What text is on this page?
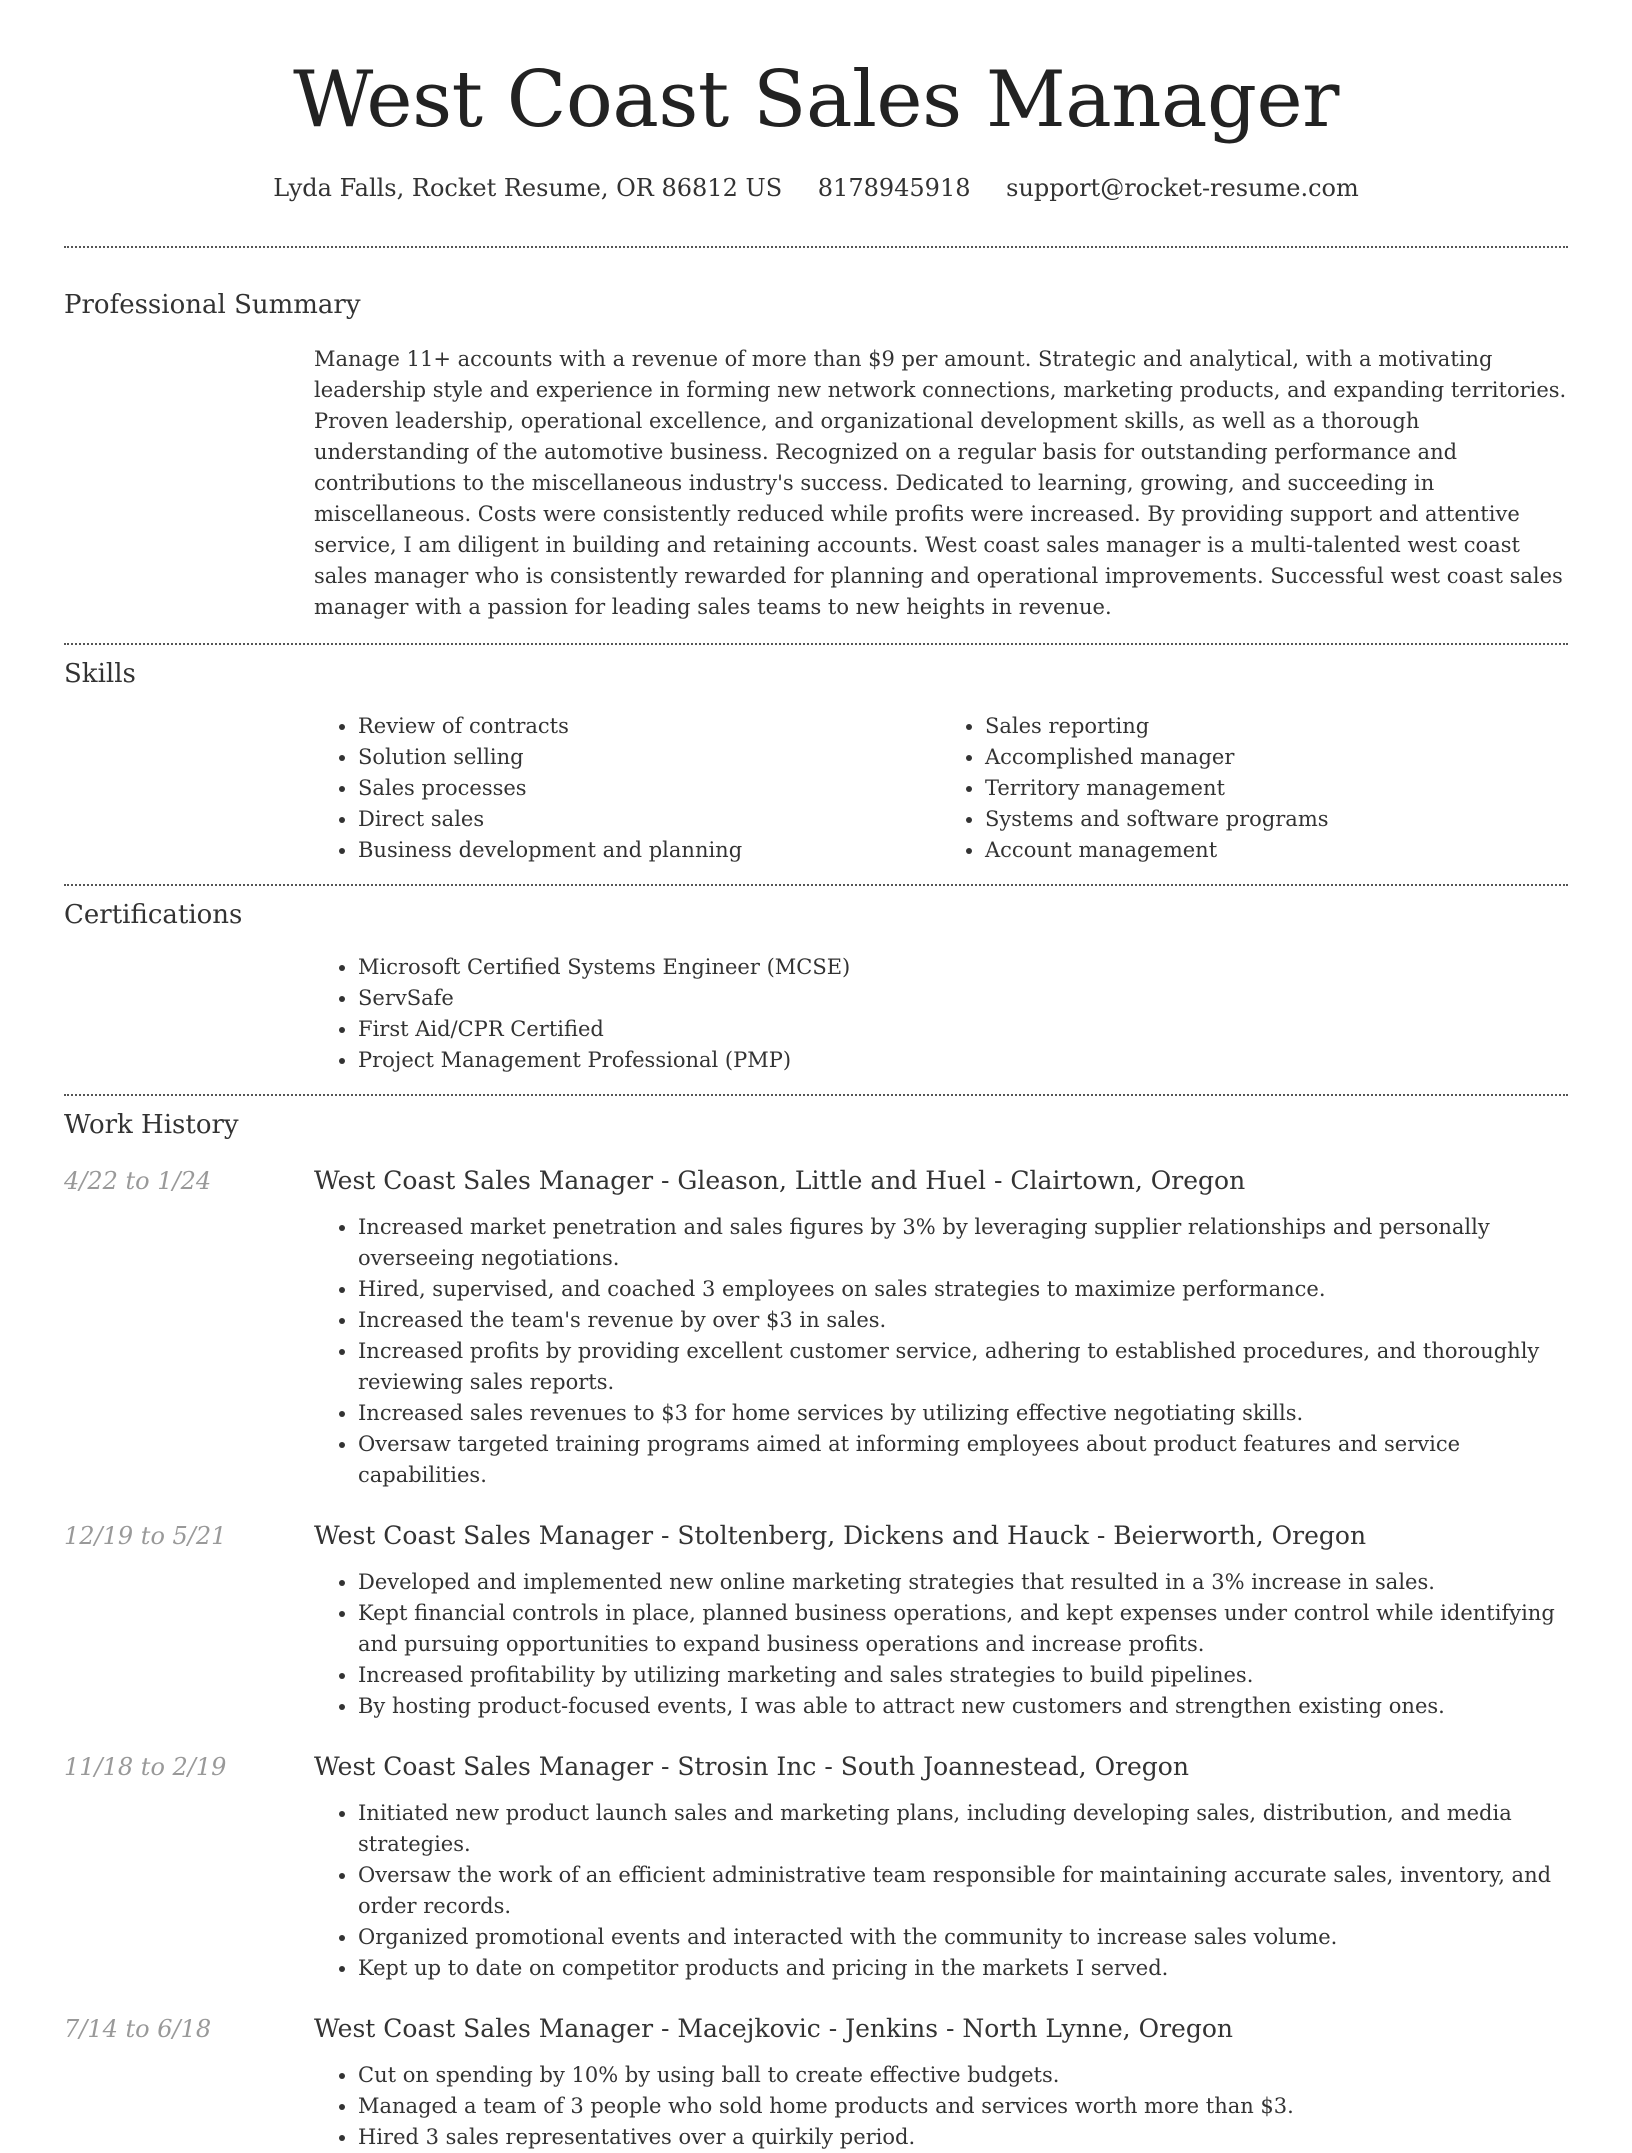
West Coast Sales Manager
Lyda Falls, Rocket Resume, OR 86812 US 8178945918 support@rocket-resume.com
Professional Summary

Manage 11+ accounts with a revenue of more than $9 per amount. Strategic and analytical, with a motivating leadership style and experience in forming new network connections, marketing products, and expanding territories. Proven leadership, operational excellence, and organizational development skills, as well as a thorough understanding of the automotive business. Recognized on a regular basis for outstanding performance and contributions to the miscellaneous industry's success. Dedicated to learning, growing, and succeeding in miscellaneous. Costs were consistently reduced while profits were increased. By providing support and attentive service, I am diligent in building and retaining accounts. West coast sales manager is a multi-talented west coast sales manager who is consistently rewarded for planning and operational improvements. Successful west coast sales manager with a passion for leading sales teams to new heights in revenue.

Skills
• Review of contracts
• Solution selling
• Sales processes
• Direct sales
• Business development and planning
• Sales reporting
• Accomplished manager
• Territory management
• Systems and software programs
• Account management
Certifications
• Microsoft Certified Systems Engineer (MCSE)
• ServSafe
• First Aid/CPR Certified
• Project Management Professional (PMP)
Work History
4/22 to 1/24	West Coast Sales Manager - Gleason, Little and Huel - Clairtown, Oregon
• Increased market penetration and sales figures by 3% by leveraging supplier relationships and personally overseeing negotiations.
• Hired, supervised, and coached 3 employees on sales strategies to maximize performance.
• Increased the team's revenue by over $3 in sales.
• Increased profits by providing excellent customer service, adhering to established procedures, and thoroughly reviewing sales reports.
• Increased sales revenues to $3 for home services by utilizing effective negotiating skills.
• Oversaw targeted training programs aimed at informing employees about product features and service capabilities.
12/19 to 5/21	West Coast Sales Manager - Stoltenberg, Dickens and Hauck - Beierworth, Oregon
• Developed and implemented new online marketing strategies that resulted in a 3% increase in sales.
• Kept financial controls in place, planned business operations, and kept expenses under control while identifying and pursuing opportunities to expand business operations and increase profits.
• Increased profitability by utilizing marketing and sales strategies to build pipelines.
• By hosting product-focused events, I was able to attract new customers and strengthen existing ones.
11/18 to 2/19	West Coast Sales Manager - Strosin Inc - South Joannestead, Oregon
• Initiated new product launch sales and marketing plans, including developing sales, distribution, and media strategies.
• Oversaw the work of an efficient administrative team responsible for maintaining accurate sales, inventory, and order records.
• Organized promotional events and interacted with the community to increase sales volume.
• Kept up to date on competitor products and pricing in the markets I served.
7/14 to 6/18	West Coast Sales Manager - Macejkovic - Jenkins - North Lynne, Oregon
• Cut on spending by 10% by using ball to create effective budgets.
• Managed a team of 3 people who sold home products and services worth more than $3.
• Hired 3 sales representatives over a quirkily period.
